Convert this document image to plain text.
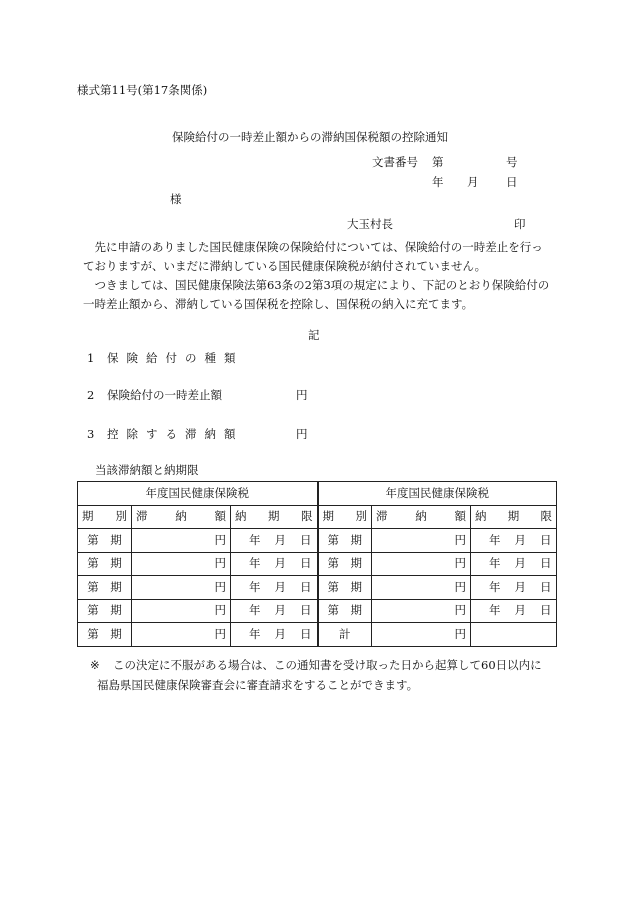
様式第11号(第17条関係)
保険給付の一時差止額からの滞納国保税額の控除通知
文書番号 第	号
年 月 日
様
大玉村長	印

先に申請のありました国民健康保険の保険給付については、保険給付の一時差止を行っておりますが、いまだに滞納している国民健康保険税が納付されていません。

つきましては、国民健康保険法第63条の2第3項の規定により、下記のとおり保険給付の一時差止額から、滞納している国保税を控除し、国保税の納入に充てます。

記
1 保険給付の種類
2 保険給付の一時差止額	円
3 控除する滞納額	円
当該滞納額と納期限
年度国民健康保険税			年度国民健康保険税		
期別	滞納額	納期限	期別	滞納額	納期限
第　期	円	年 月 日	第　期	円	年 月 日
第　期	円	年 月 日	第　期	円	年 月 日
第　期	円	年 月 日	第　期	円	年 月 日
第　期	円	年 月 日	第　期	円	年 月 日
第　期	円	年 月 日	計	円	
※ この決定に不服がある場合は、この通知書を受け取った日から起算して60日以内に
福島県国民健康保険審査会に審査請求をすることができます。
